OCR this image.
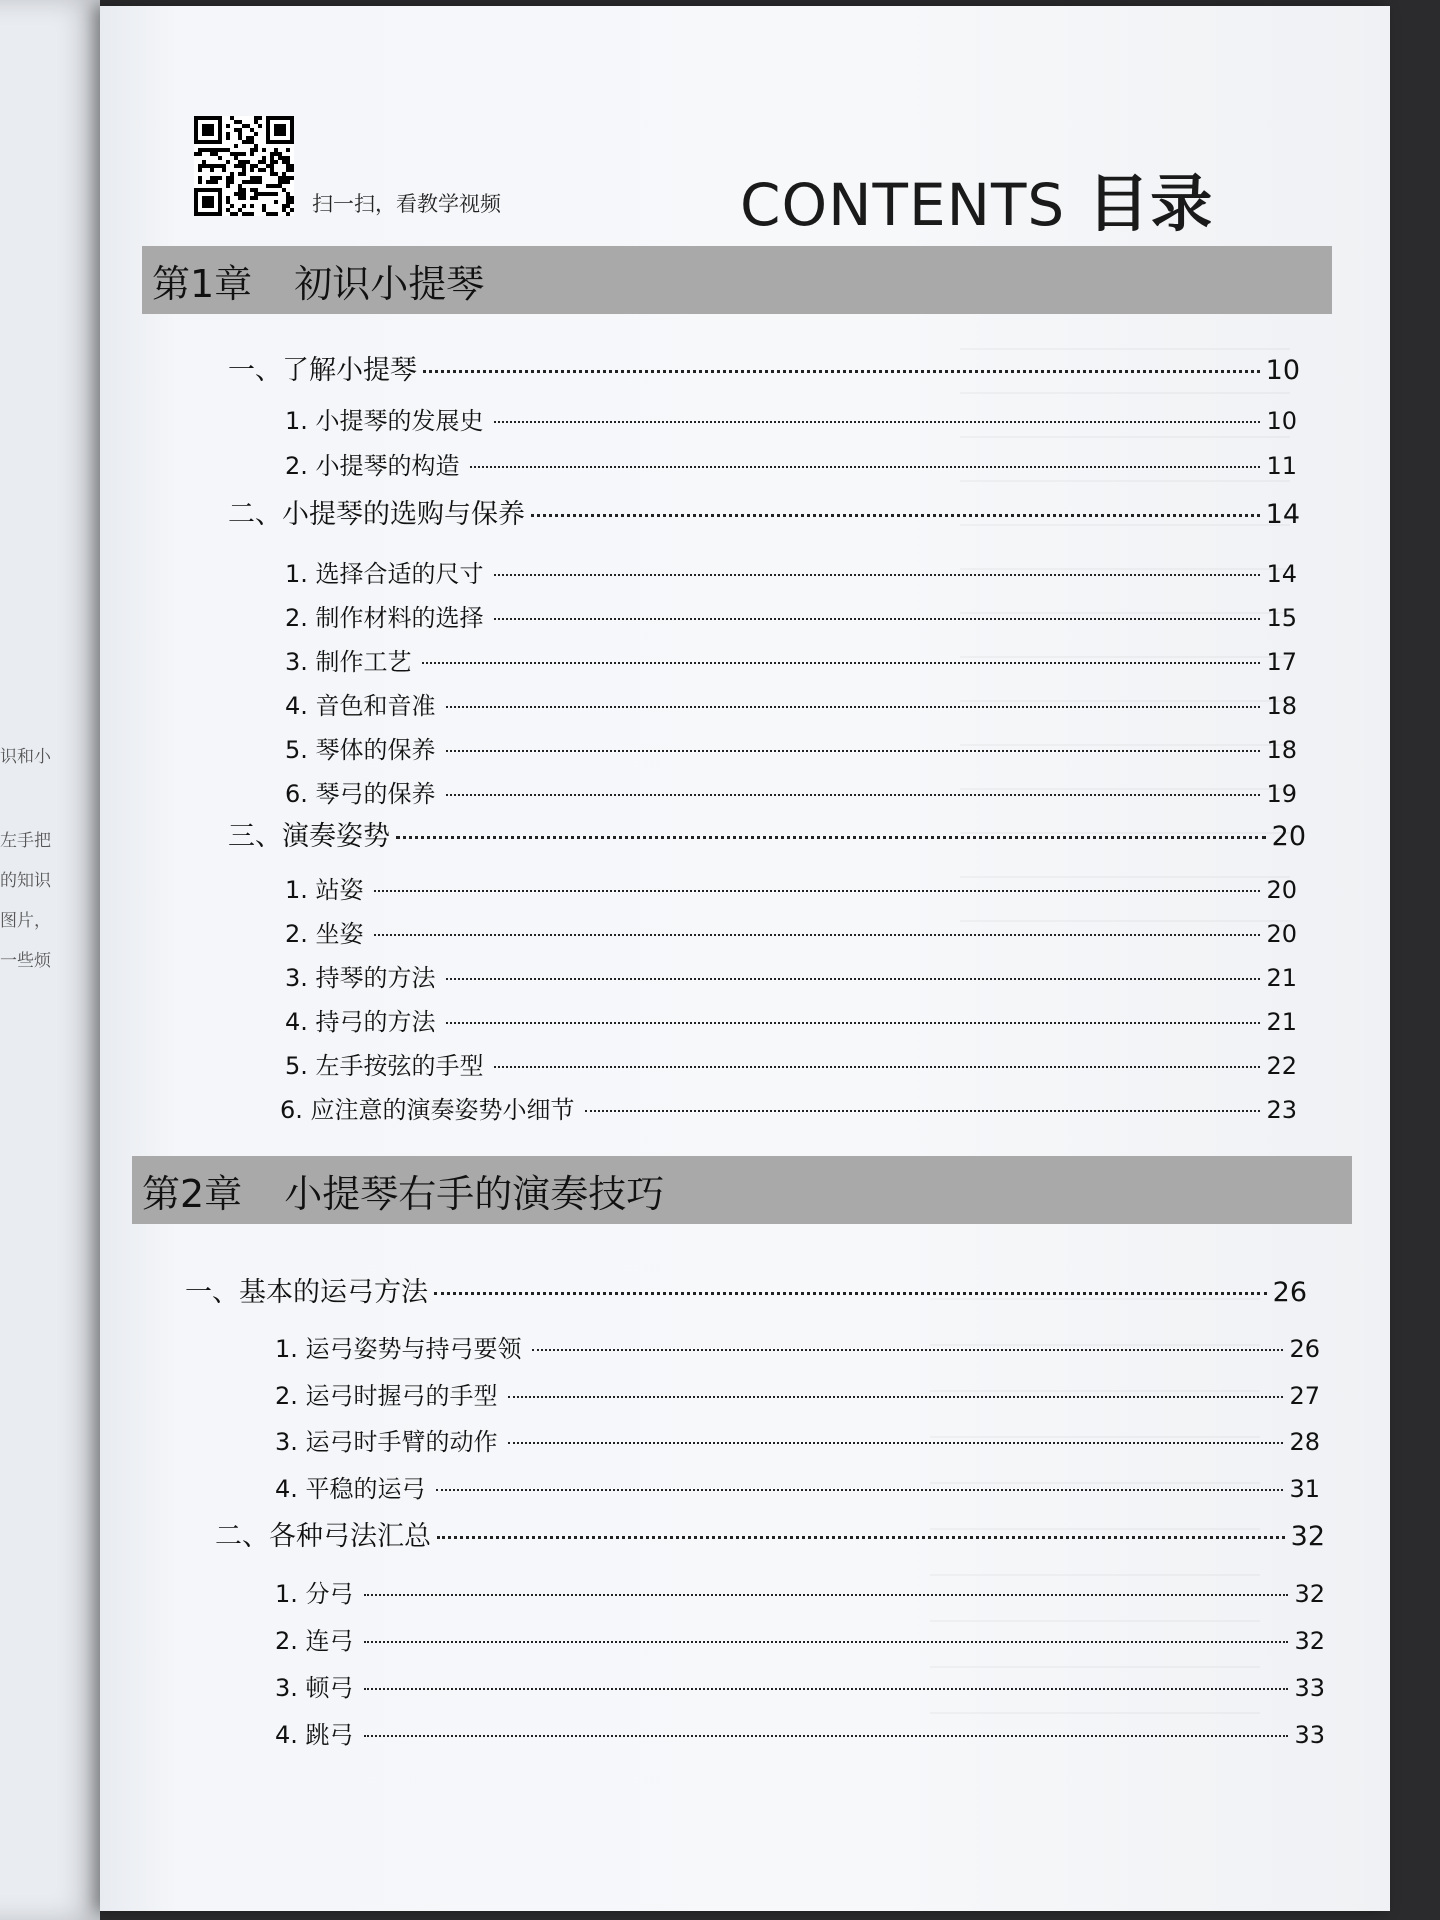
识和小
左手把
的知识
图片，
一些烦
扫一扫，看教学视频	CONTENTS 目录
第1章 初识小提琴
一、了解小提琴	10
1. 小提琴的发展史	10
2. 小提琴的构造	11
二、小提琴的选购与保养	14
1. 选择合适的尺寸	14
2. 制作材料的选择	15
3. 制作工艺	17
4. 音色和音准	18
5. 琴体的保养	18
6. 琴弓的保养	19
三、演奏姿势	20
1. 站姿	20
2. 坐姿	20
3. 持琴的方法	21
4. 持弓的方法	21
5. 左手按弦的手型	22
6. 应注意的演奏姿势小细节	23
第2章 小提琴右手的演奏技巧
一、基本的运弓方法	26
1. 运弓姿势与持弓要领	26
2. 运弓时握弓的手型	27
3. 运弓时手臂的动作	28
4. 平稳的运弓	31
二、各种弓法汇总	32
1. 分弓	32
2. 连弓	32
3. 顿弓	33
4. 跳弓	33
